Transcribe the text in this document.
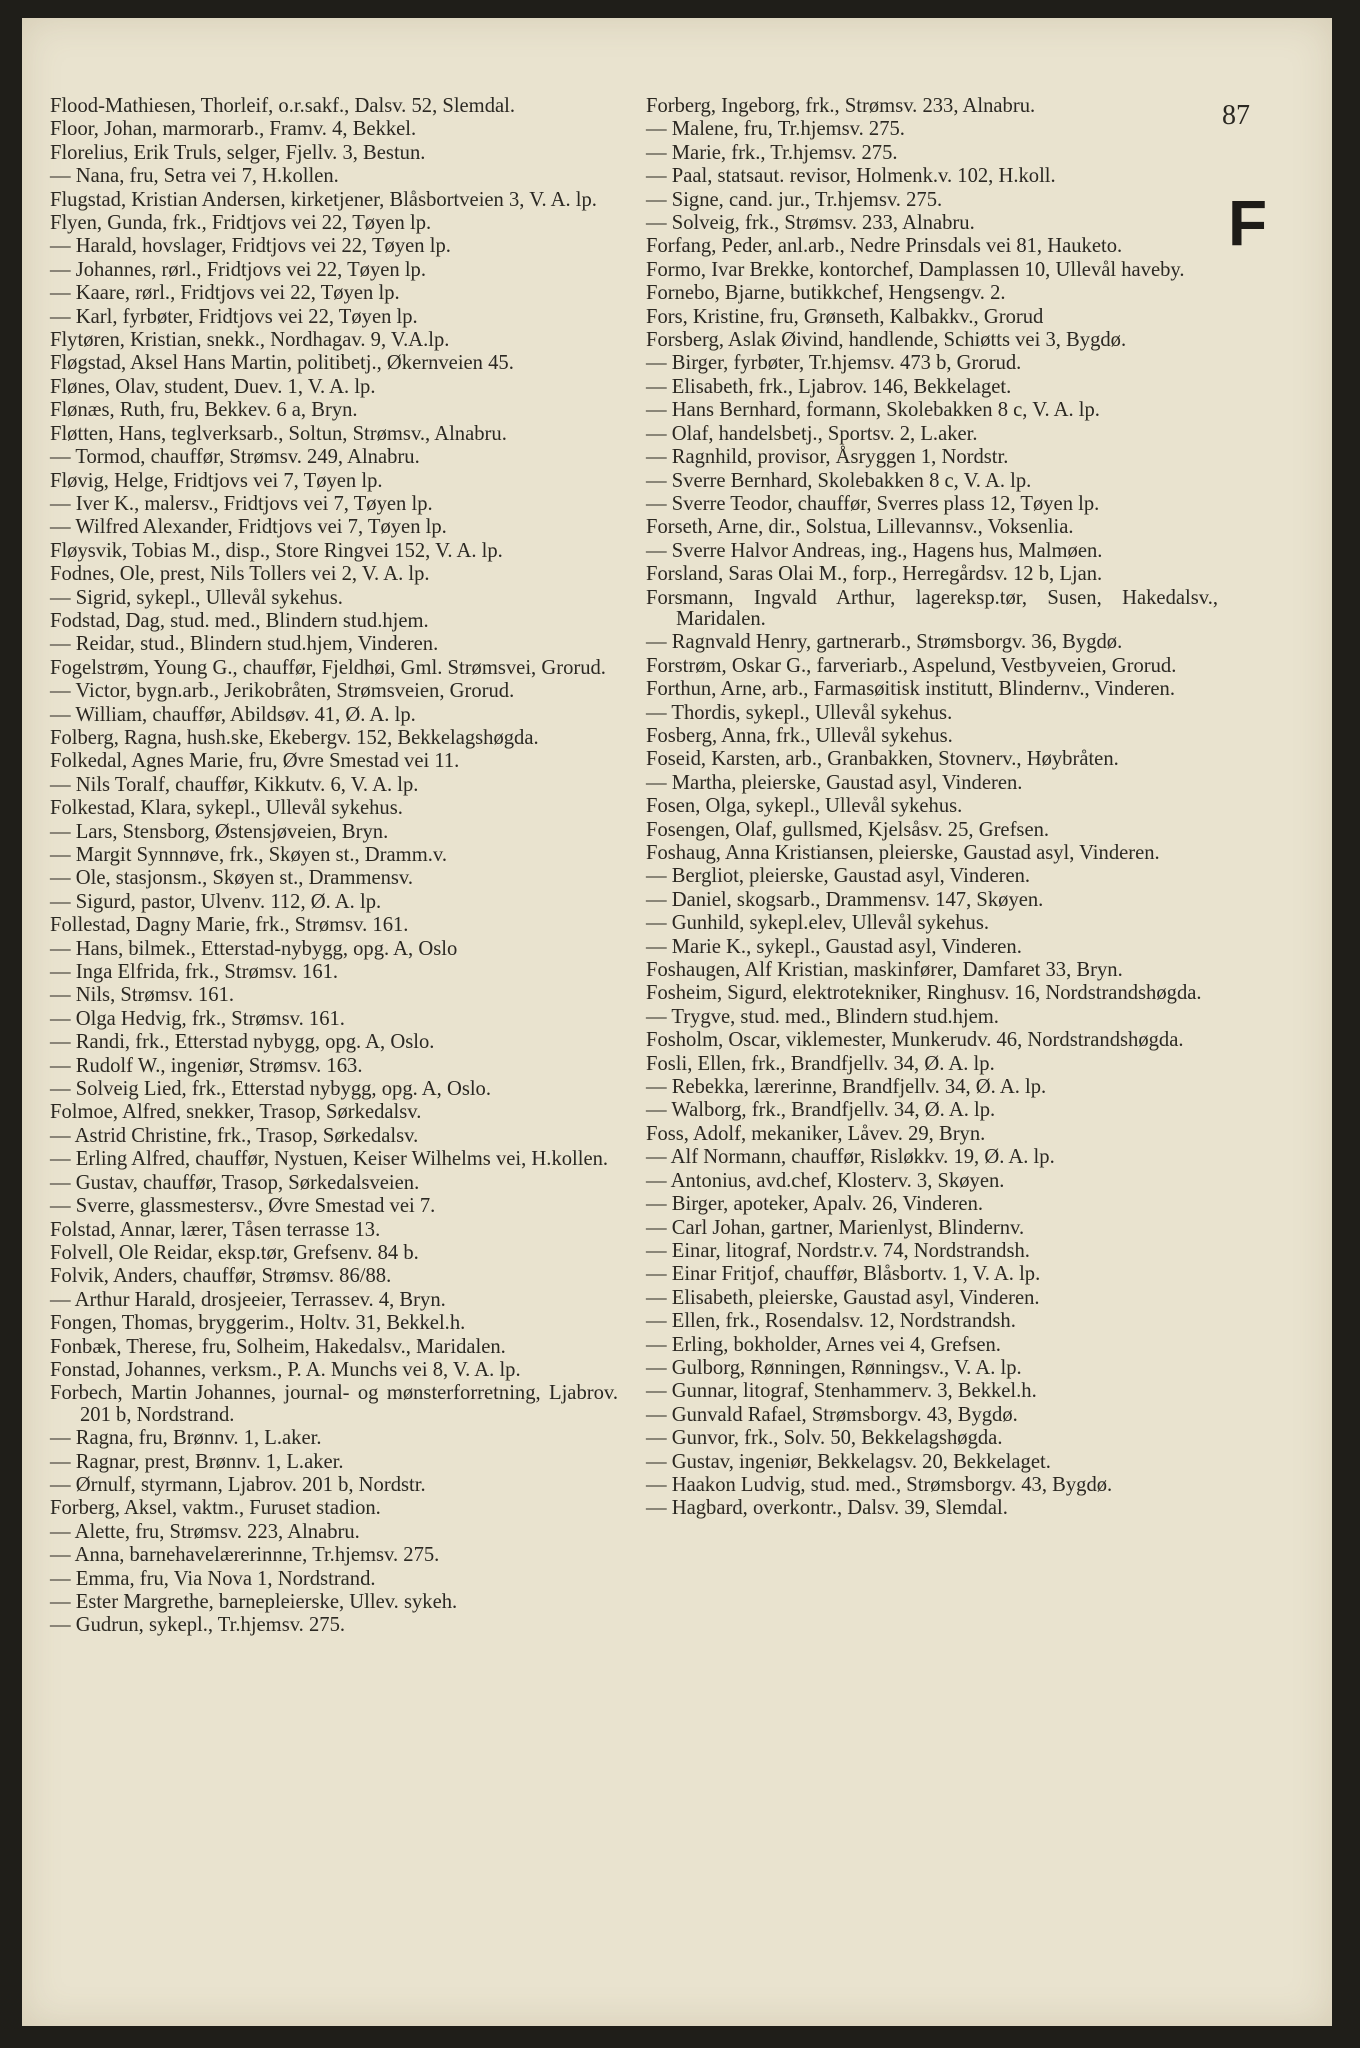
Flood-Mathiesen, Thorleif, o.r.sakf., Dalsv. 52, Slemdal.
Floor, Johan, marmorarb., Framv. 4, Bekkel.
Florelius, Erik Truls, selger, Fjellv. 3, Bestun.
— Nana, fru, Setra vei 7, H.kollen.
Flugstad, Kristian Andersen, kirketjener, Blåsbortveien 3, V. A. lp.
Flyen, Gunda, frk., Fridtjovs vei 22, Tøyen lp.
— Harald, hovslager, Fridtjovs vei 22, Tøyen lp.
— Johannes, rørl., Fridtjovs vei 22, Tøyen lp.
— Kaare, rørl., Fridtjovs vei 22, Tøyen lp.
— Karl, fyrbøter, Fridtjovs vei 22, Tøyen lp.
Flytøren, Kristian, snekk., Nordhagav. 9, V.A.lp.
Fløgstad, Aksel Hans Martin, politibetj., Økernveien 45.
Flønes, Olav, student, Duev. 1, V. A. lp.
Flønæs, Ruth, fru, Bekkev. 6 a, Bryn.
Fløtten, Hans, teglverksarb., Soltun, Strømsv., Alnabru.
— Tormod, chauffør, Strømsv. 249, Alnabru.
Fløvig, Helge, Fridtjovs vei 7, Tøyen lp.
— Iver K., malersv., Fridtjovs vei 7, Tøyen lp.
— Wilfred Alexander, Fridtjovs vei 7, Tøyen lp.
Fløysvik, Tobias M., disp., Store Ringvei 152, V. A. lp.
Fodnes, Ole, prest, Nils Tollers vei 2, V. A. lp.
— Sigrid, sykepl., Ullevål sykehus.
Fodstad, Dag, stud. med., Blindern stud.hjem.
— Reidar, stud., Blindern stud.hjem, Vinderen.
Fogelstrøm, Young G., chauffør, Fjeldhøi, Gml. Strømsvei, Grorud.
— Victor, bygn.arb., Jerikobråten, Strømsveien, Grorud.
— William, chauffør, Abildsøv. 41, Ø. A. lp.
Folberg, Ragna, hush.ske, Ekebergv. 152, Bekkelagshøgda.
Folkedal, Agnes Marie, fru, Øvre Smestad vei 11.
— Nils Toralf, chauffør, Kikkutv. 6, V. A. lp.
Folkestad, Klara, sykepl., Ullevål sykehus.
— Lars, Stensborg, Østensjøveien, Bryn.
— Margit Synnnøve, frk., Skøyen st., Dramm.v.
— Ole, stasjonsm., Skøyen st., Drammensv.
— Sigurd, pastor, Ulvenv. 112, Ø. A. lp.
Follestad, Dagny Marie, frk., Strømsv. 161.
— Hans, bilmek., Etterstad-nybygg, opg. A, Oslo
— Inga Elfrida, frk., Strømsv. 161.
— Nils, Strømsv. 161.
— Olga Hedvig, frk., Strømsv. 161.
— Randi, frk., Etterstad nybygg, opg. A, Oslo.
— Rudolf W., ingeniør, Strømsv. 163.
— Solveig Lied, frk., Etterstad nybygg, opg. A, Oslo.
Folmoe, Alfred, snekker, Trasop, Sørkedalsv.
— Astrid Christine, frk., Trasop, Sørkedalsv.
— Erling Alfred, chauffør, Nystuen, Keiser Wilhelms vei, H.kollen.
— Gustav, chauffør, Trasop, Sørkedalsveien.
— Sverre, glassmestersv., Øvre Smestad vei 7.
Folstad, Annar, lærer, Tåsen terrasse 13.
Folvell, Ole Reidar, eksp.tør, Grefsenv. 84 b.
Folvik, Anders, chauffør, Strømsv. 86/88.
— Arthur Harald, drosjeeier, Terrassev. 4, Bryn.
Fongen, Thomas, bryggerim., Holtv. 31, Bekkel.h.
Fonbæk, Therese, fru, Solheim, Hakedalsv., Maridalen.
Fonstad, Johannes, verksm., P. A. Munchs vei 8, V. A. lp.
Forbech, Martin Johannes, journal- og mønsterforretning, Ljabrov. 201 b, Nordstrand.
— Ragna, fru, Brønnv. 1, L.aker.
— Ragnar, prest, Brønnv. 1, L.aker.
— Ørnulf, styrmann, Ljabrov. 201 b, Nordstr.
Forberg, Aksel, vaktm., Furuset stadion.
— Alette, fru, Strømsv. 223, Alnabru.
— Anna, barnehavelærerinnne, Tr.hjemsv. 275.
— Emma, fru, Via Nova 1, Nordstrand.
— Ester Margrethe, barnepleierske, Ullev. sykeh.
— Gudrun, sykepl., Tr.hjemsv. 275.
Forberg, Ingeborg, frk., Strømsv. 233, Alnabru.
— Malene, fru, Tr.hjemsv. 275.
— Marie, frk., Tr.hjemsv. 275.
— Paal, statsaut. revisor, Holmenk.v. 102, H.koll.
— Signe, cand. jur., Tr.hjemsv. 275.
— Solveig, frk., Strømsv. 233, Alnabru.
Forfang, Peder, anl.arb., Nedre Prinsdals vei 81, Hauketo.
Formo, Ivar Brekke, kontorchef, Damplassen 10, Ullevål haveby.
Fornebo, Bjarne, butikkchef, Hengsengv. 2.
Fors, Kristine, fru, Grønseth, Kalbakkv., Grorud
Forsberg, Aslak Øivind, handlende, Schiøtts vei 3, Bygdø.
— Birger, fyrbøter, Tr.hjemsv. 473 b, Grorud.
— Elisabeth, frk., Ljabrov. 146, Bekkelaget.
— Hans Bernhard, formann, Skolebakken 8 c, V. A. lp.
— Olaf, handelsbetj., Sportsv. 2, L.aker.
— Ragnhild, provisor, Åsryggen 1, Nordstr.
— Sverre Bernhard, Skolebakken 8 c, V. A. lp.
— Sverre Teodor, chauffør, Sverres plass 12, Tøyen lp.
Forseth, Arne, dir., Solstua, Lillevannsv., Voksenlia.
— Sverre Halvor Andreas, ing., Hagens hus, Malmøen.
Forsland, Saras Olai M., forp., Herregårdsv. 12 b, Ljan.
Forsmann, Ingvald Arthur, lagereksp.tør, Susen, Hakedalsv., Maridalen.
— Ragnvald Henry, gartnerarb., Strømsborgv. 36, Bygdø.
Forstrøm, Oskar G., farveriarb., Aspelund, Vestbyveien, Grorud.
Forthun, Arne, arb., Farmasøitisk institutt, Blindernv., Vinderen.
— Thordis, sykepl., Ullevål sykehus.
Fosberg, Anna, frk., Ullevål sykehus.
Foseid, Karsten, arb., Granbakken, Stovnerv., Høybråten.
— Martha, pleierske, Gaustad asyl, Vinderen.
Fosen, Olga, sykepl., Ullevål sykehus.
Fosengen, Olaf, gullsmed, Kjelsåsv. 25, Grefsen.
Foshaug, Anna Kristiansen, pleierske, Gaustad asyl, Vinderen.
— Bergliot, pleierske, Gaustad asyl, Vinderen.
— Daniel, skogsarb., Drammensv. 147, Skøyen.
— Gunhild, sykepl.elev, Ullevål sykehus.
— Marie K., sykepl., Gaustad asyl, Vinderen.
Foshaugen, Alf Kristian, maskinfører, Damfaret 33, Bryn.
Fosheim, Sigurd, elektrotekniker, Ringhusv. 16, Nordstrandshøgda.
— Trygve, stud. med., Blindern stud.hjem.
Fosholm, Oscar, viklemester, Munkerudv. 46, Nordstrandshøgda.
Fosli, Ellen, frk., Brandfjellv. 34, Ø. A. lp.
— Rebekka, lærerinne, Brandfjellv. 34, Ø. A. lp.
— Walborg, frk., Brandfjellv. 34, Ø. A. lp.
Foss, Adolf, mekaniker, Låvev. 29, Bryn.
— Alf Normann, chauffør, Risløkkv. 19, Ø. A. lp.
— Antonius, avd.chef, Klosterv. 3, Skøyen.
— Birger, apoteker, Apalv. 26, Vinderen.
— Carl Johan, gartner, Marienlyst, Blindernv.
— Einar, litograf, Nordstr.v. 74, Nordstrandsh.
— Einar Fritjof, chauffør, Blåsbortv. 1, V. A. lp.
— Elisabeth, pleierske, Gaustad asyl, Vinderen.
— Ellen, frk., Rosendalsv. 12, Nordstrandsh.
— Erling, bokholder, Arnes vei 4, Grefsen.
— Gulborg, Rønningen, Rønningsv., V. A. lp.
— Gunnar, litograf, Stenhammerv. 3, Bekkel.h.
— Gunvald Rafael, Strømsborgv. 43, Bygdø.
— Gunvor, frk., Solv. 50, Bekkelagshøgda.
— Gustav, ingeniør, Bekkelagsv. 20, Bekkelaget.
— Haakon Ludvig, stud. med., Strømsborgv. 43, Bygdø.
— Hagbard, overkontr., Dalsv. 39, Slemdal.
87
F
